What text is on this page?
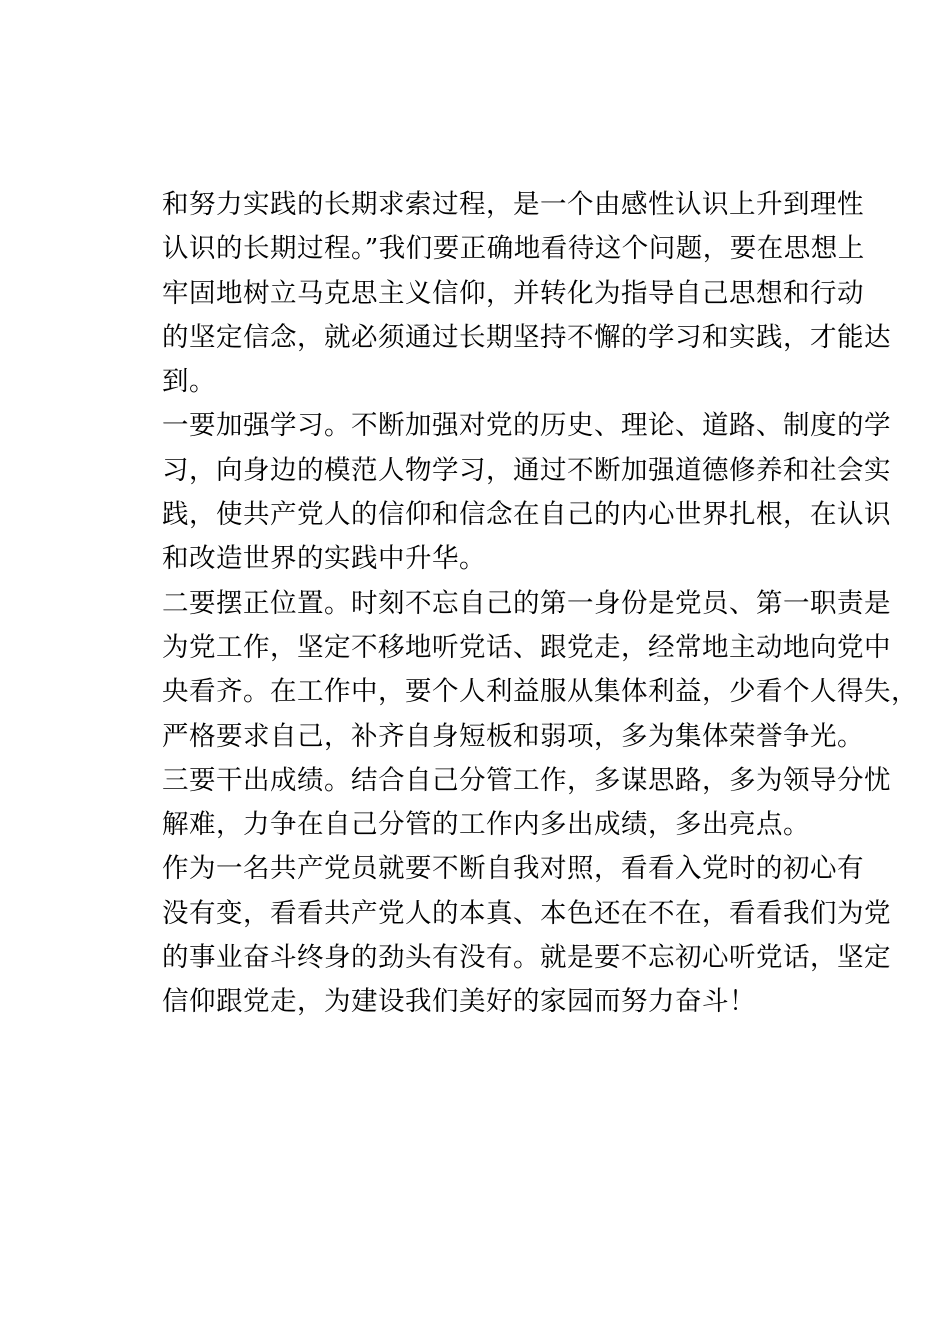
和努力实践的长期求索过程，是一个由感性认识上升到理性
认识的长期过程。”我们要正确地看待这个问题，要在思想上
牢固地树立马克思主义信仰，并转化为指导自己思想和行动
的坚定信念，就必须通过长期坚持不懈的学习和实践，才能达
到。
一要加强学习。不断加强对党的历史、理论、道路、制度的学
习，向身边的模范人物学习，通过不断加强道德修养和社会实
践，使共产党人的信仰和信念在自己的内心世界扎根，在认识
和改造世界的实践中升华。
二要摆正位置。时刻不忘自己的第一身份是党员、第一职责是
为党工作，坚定不移地听党话、跟党走，经常地主动地向党中
央看齐。在工作中，要个人利益服从集体利益，少看个人得失，
严格要求自己，补齐自身短板和弱项，多为集体荣誉争光。
三要干出成绩。结合自己分管工作，多谋思路，多为领导分忧
解难，力争在自己分管的工作内多出成绩，多出亮点。
作为一名共产党员就要不断自我对照，看看入党时的初心有
没有变，看看共产党人的本真、本色还在不在，看看我们为党
的事业奋斗终身的劲头有没有。就是要不忘初心听党话，坚定
信仰跟党走，为建设我们美好的家园而努力奋斗！
